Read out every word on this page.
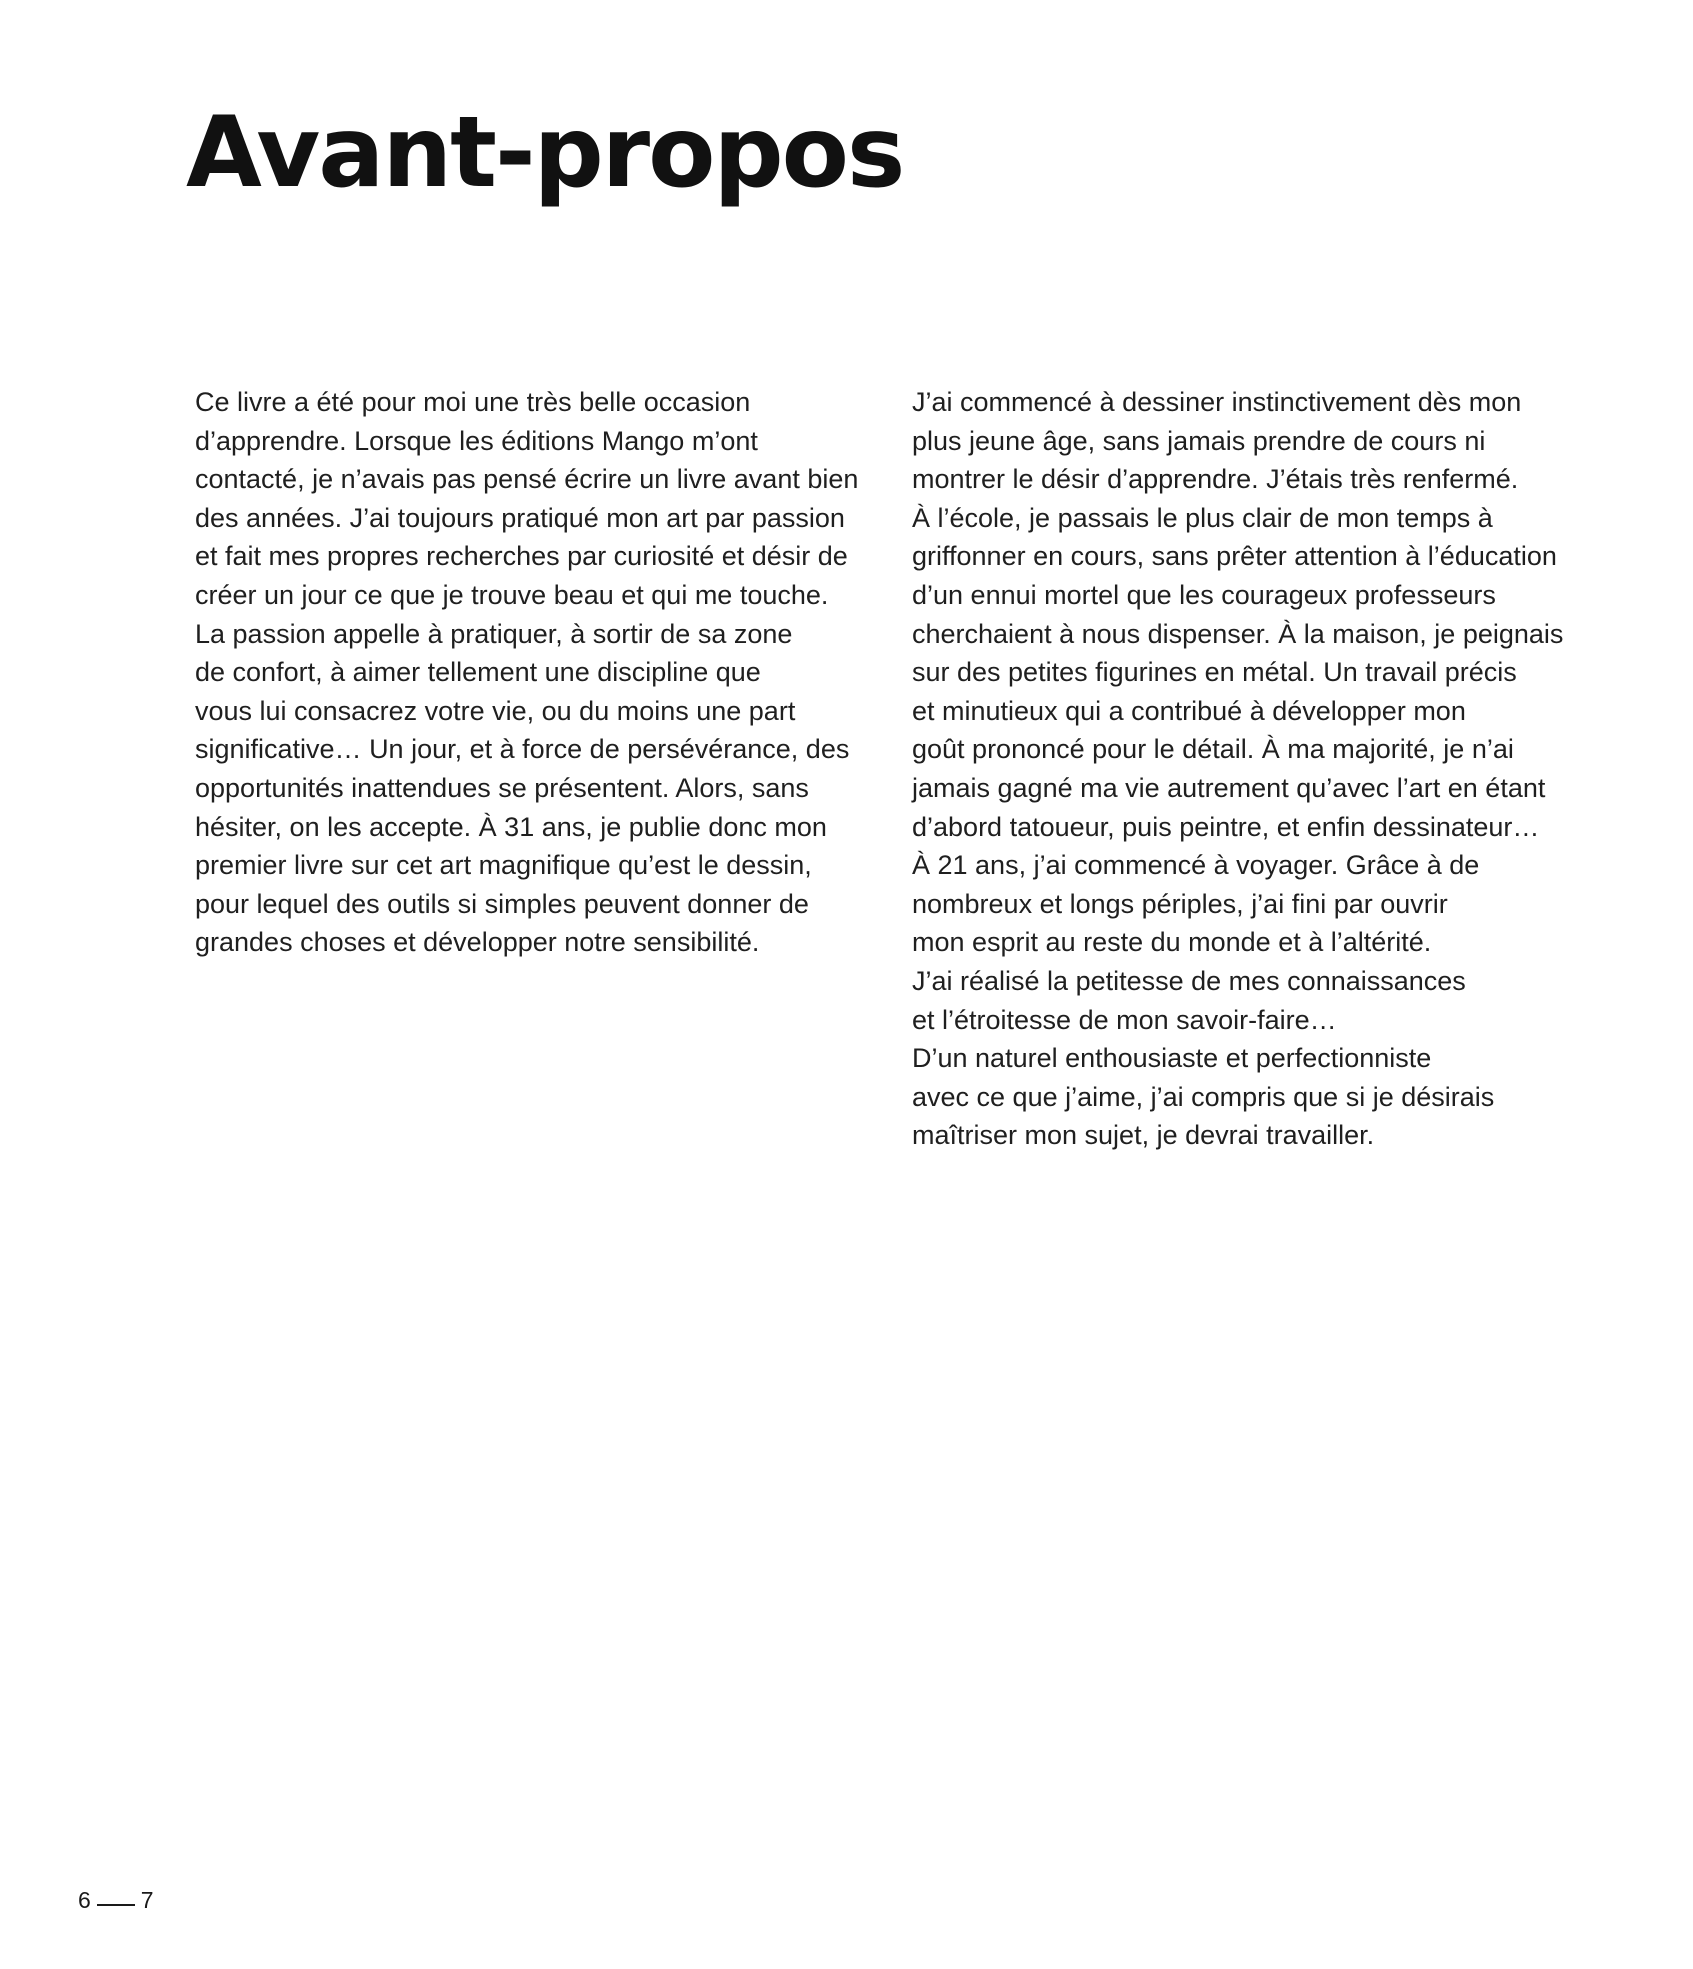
Avant-propos
Ce livre a été pour moi une très belle occasion
d’apprendre. Lorsque les éditions Mango m’ont
contacté, je n’avais pas pensé écrire un livre avant bien
des années. J’ai toujours pratiqué mon art par passion
et fait mes propres recherches par curiosité et désir de
créer un jour ce que je trouve beau et qui me touche.
La passion appelle à pratiquer, à sortir de sa zone
de confort, à aimer tellement une discipline que
vous lui consacrez votre vie, ou du moins une part
significative… Un jour, et à force de persévérance, des
opportunités inattendues se présentent. Alors, sans
hésiter, on les accepte. À 31 ans, je publie donc mon
premier livre sur cet art magnifique qu’est le dessin,
pour lequel des outils si simples peuvent donner de
grandes choses et développer notre sensibilité.
J’ai commencé à dessiner instinctivement dès mon
plus jeune âge, sans jamais prendre de cours ni
montrer le désir d’apprendre. J’étais très renfermé.
À l’école, je passais le plus clair de mon temps à
griffonner en cours, sans prêter attention à l’éducation
d’un ennui mortel que les courageux professeurs
cherchaient à nous dispenser. À la maison, je peignais
sur des petites figurines en métal. Un travail précis
et minutieux qui a contribué à développer mon
goût prononcé pour le détail. À ma majorité, je n’ai
jamais gagné ma vie autrement qu’avec l’art en étant
d’abord tatoueur, puis peintre, et enfin dessinateur…
À 21 ans, j’ai commencé à voyager. Grâce à de
nombreux et longs périples, j’ai fini par ouvrir
mon esprit au reste du monde et à l’altérité.
J’ai réalisé la petitesse de mes connaissances
et l’étroitesse de mon savoir-faire…
D’un naturel enthousiaste et perfectionniste
avec ce que j’aime, j’ai compris que si je désirais
maîtriser mon sujet, je devrai travailler.
6 7
